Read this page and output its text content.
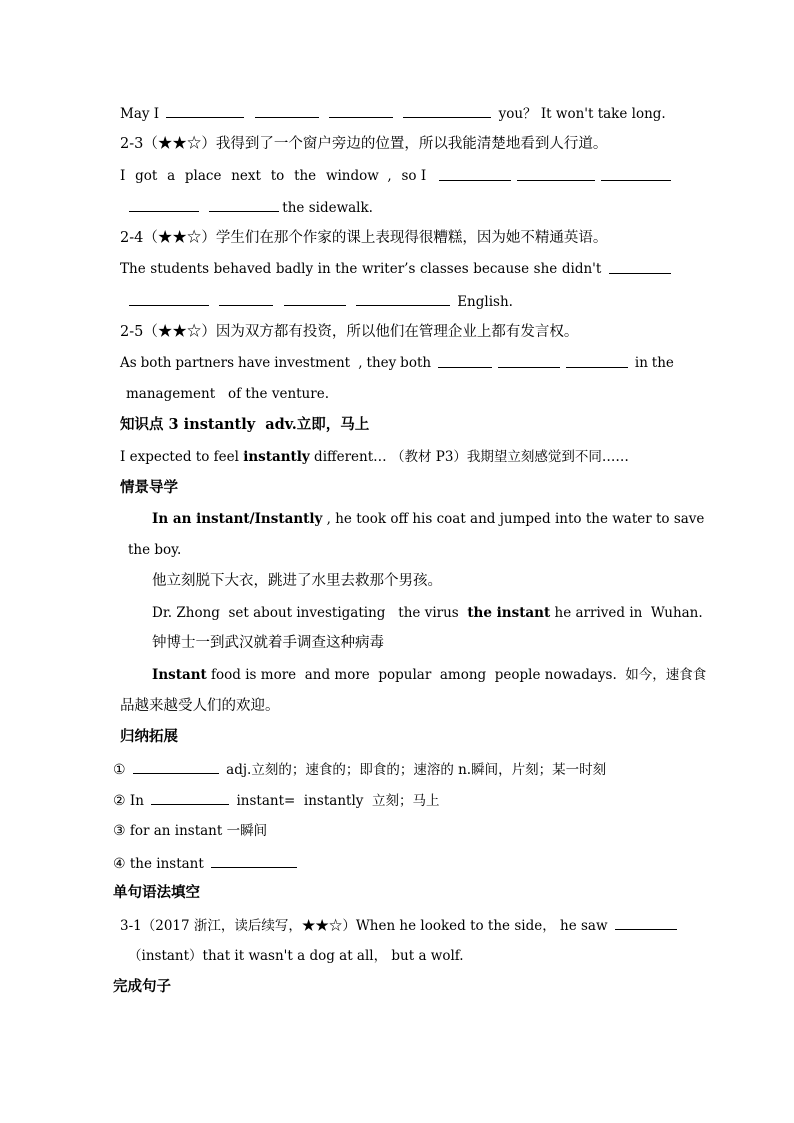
May I	you？ It won't take long.
2-3（★★☆）我得到了一个窗户旁边的位置，所以我能清楚地看到人行道。
I got a place next to the window  , so I
the sidewalk.
2-4（★★☆）学生们在那个作家的课上表现得很糟糕，因为她不精通英语。
The students behaved badly in the writer’s classes because she didn't
English.
2-5（★★☆）因为双方都有投资，所以他们在管理企业上都有发言权。
As both partners have investment , they both	in the
management   of the venture.
知识点 3 instantly  adv.立即，马上
I expected to feel instantly different… （教材 P3）我期望立刻感觉到不同……
情景导学
In an instant/Instantly , he took off his coat and jumped into the water to save
the boy.
他立刻脱下大衣，跳进了水里去救那个男孩。
Dr. Zhong  set about investigating   the virus  the instant he arrived in  Wuhan.
钟博士一到武汉就着手调查这种病毒
Instant food is more  and more  popular  among  people nowadays.  如今，速食食
品越来越受人们的欢迎。
归纳拓展
①	adj.立刻的；速食的；即食的；速溶的 n.瞬间，片刻；某一时刻
② In	instant=  instantly  立刻；马上
③ for an instant 一瞬间
④ the instant
单句语法填空
3-1（2017 浙江，读后续写，★★☆）When he looked to the side， he saw
（instant）that it wasn't a dog at all， but a wolf.
完成句子
